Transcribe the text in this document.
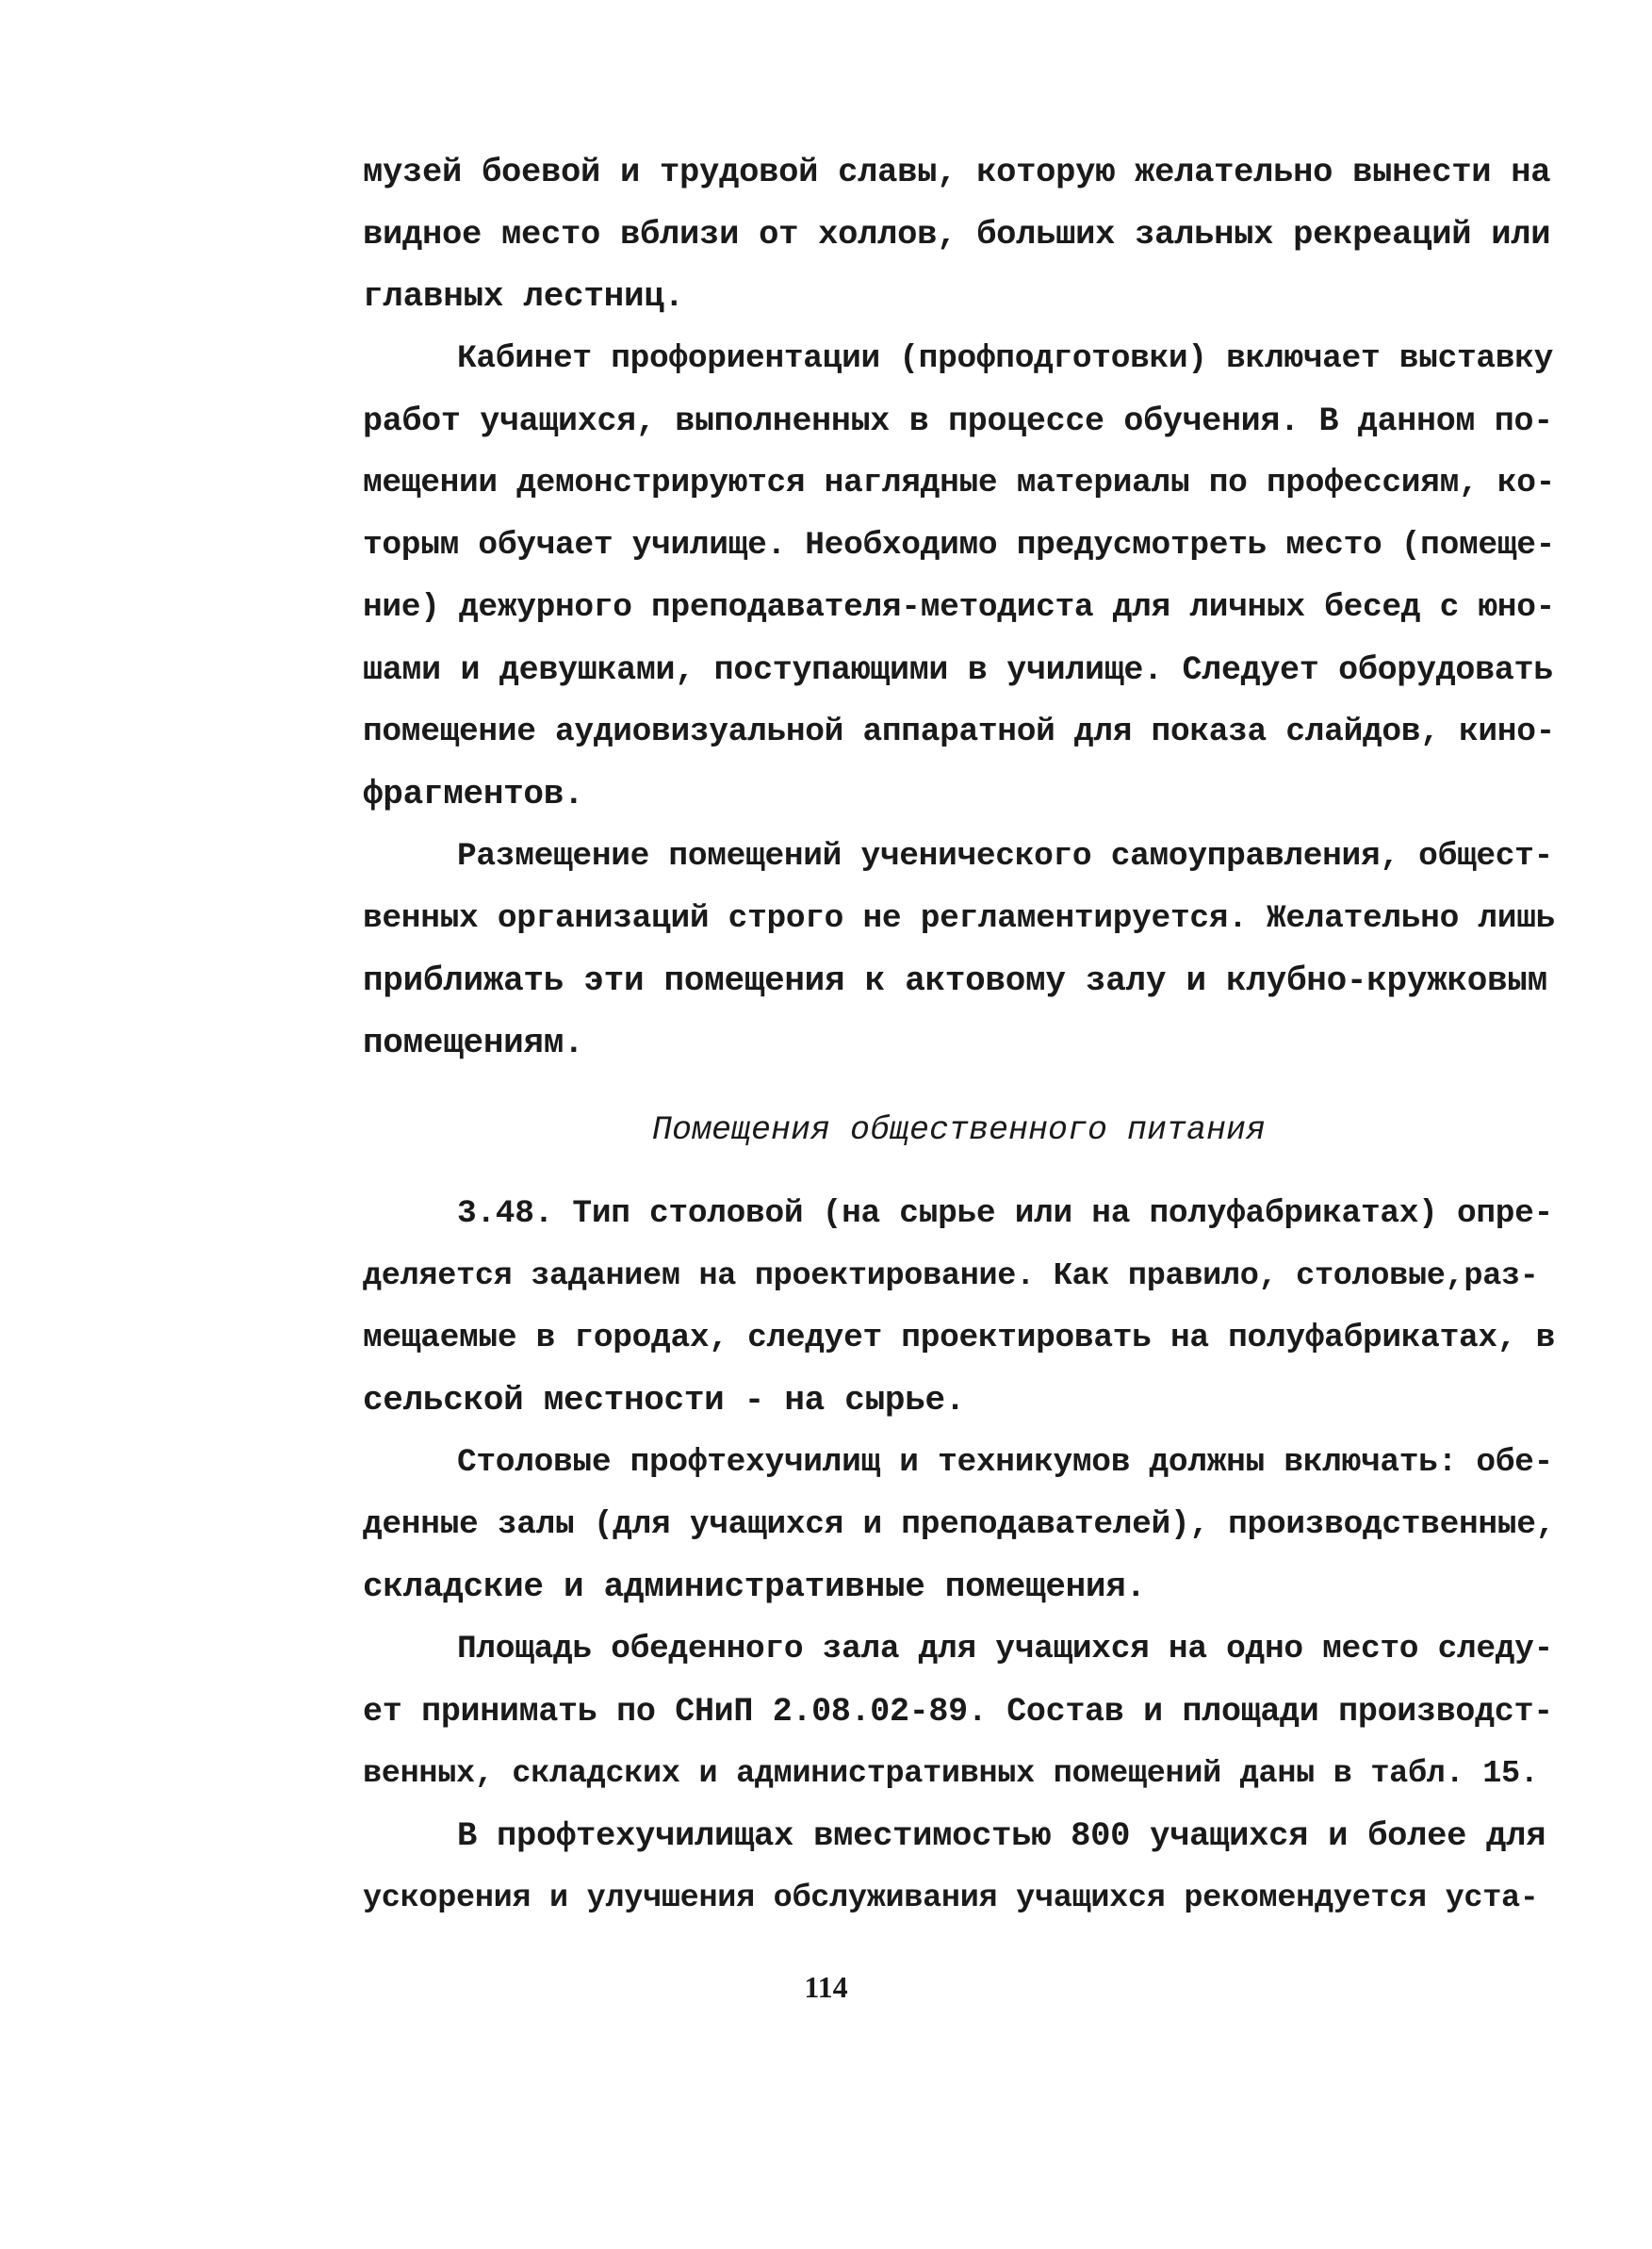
музей боевой и трудовой славы, которую желательно вынести на
видное место вблизи от холлов, больших зальных рекреаций или
главных лестниц.
Кабинет профориентации (профподготовки) включает выставку
работ учащихся, выполненных в процессе обучения. В данном по-
мещении демонстрируются наглядные материалы по профессиям, ко-
торым обучает училище. Необходимо предусмотреть место (помеще-
ние) дежурного преподавателя-методиста для личных бесед с юно-
шами и девушками, поступающими в училище. Следует оборудовать
помещение аудиовизуальной аппаратной для показа слайдов, кино-
фрагментов.
Размещение помещений ученического самоуправления, общест-
венных организаций строго не регламентируется. Желательно лишь
приближать эти помещения к актовому залу и клубно-кружковым
помещениям.
Помещения общественного питания
3.48. Тип столовой (на сырье или на полуфабрикатах) опре-
деляется заданием на проектирование. Как правило, столовые,раз-
мещаемые в городах, следует проектировать на полуфабрикатах, в
сельской местности - на сырье.
Столовые профтехучилищ и техникумов должны включать: обе-
денные залы (для учащихся и преподавателей), производственные,
складские и административные помещения.
Площадь обеденного зала для учащихся на одно место следу-
ет принимать по СНиП 2.08.02-89. Состав и площади производст-
венных, складских и административных помещений даны в табл. 15.
В профтехучилищах вместимостью 800 учащихся и более для
ускорения и улучшения обслуживания учащихся рекомендуется уста-
114
